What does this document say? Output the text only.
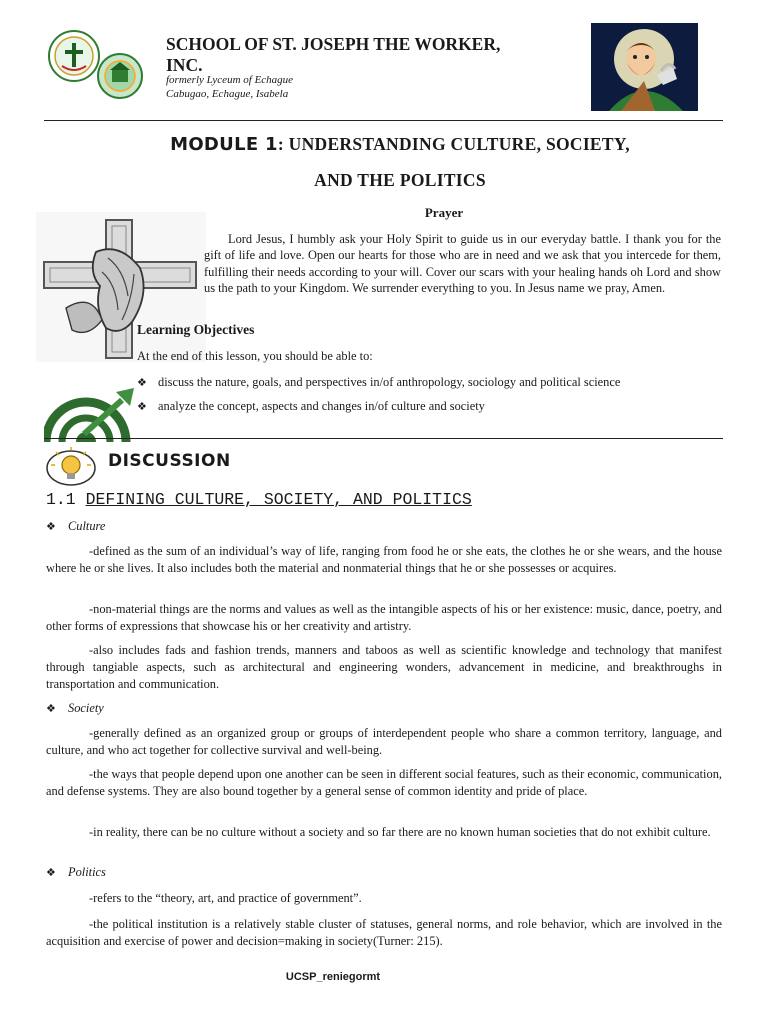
SCHOOL OF ST. JOSEPH THE WORKER,
INC.
formerly Lyceum of Echague
Cabugao, Echague, Isabela
MODULE 1: UNDERSTANDING CULTURE, SOCIETY,
AND THE POLITICS
Prayer
Lord Jesus, I humbly ask your Holy Spirit to guide us in our everyday battle. I thank you for the gift of life and love. Open our hearts for those who are in need and we ask that you intercede for them, fulfilling their needs according to your will. Cover our scars with your healing hands oh Lord and show us the path to your Kingdom. We surrender everything to you. In Jesus name we pray, Amen.
Learning Objectives
At the end of this lesson, you should be able to:
❖ discuss the nature, goals, and perspectives in/of anthropology, sociology and political science
❖ analyze the concept, aspects and changes in/of culture and society
DISCUSSION
1.1 DEFINING CULTURE, SOCIETY, AND POLITICS
❖ Culture
-defined as the sum of an individual’s way of life, ranging from food he or she eats, the clothes he or she wears, and the house where he or she lives. It also includes both the material and nonmaterial things that he or she possesses or acquires.
-non-material things are the norms and values as well as the intangible aspects of his or her existence: music, dance, poetry, and other forms of expressions that showcase his or her creativity and artistry.
-also includes fads and fashion trends, manners and taboos as well as scientific knowledge and technology that manifest through tangiable aspects, such as architectural and engineering wonders, advancement in medicine, and breakthroughs in transportation and communication.
❖ Society
-generally defined as an organized group or groups of interdependent people who share a common territory, language, and culture, and who act together for collective survival and well-being.
-the ways that people depend upon one another can be seen in different social features, such as their economic, communication, and defense systems. They are also bound together by a general sense of common identity and pride of place.
-in reality, there can be no culture without a society and so far there are no known human societies that do not exhibit culture.
❖ Politics
-refers to the “theory, art, and practice of government”.
-the political institution is a relatively stable cluster of statuses, general norms, and role behavior, which are involved in the acquisition and exercise of power and decision=making in society(Turner: 215).
UCSP_reniegormt
